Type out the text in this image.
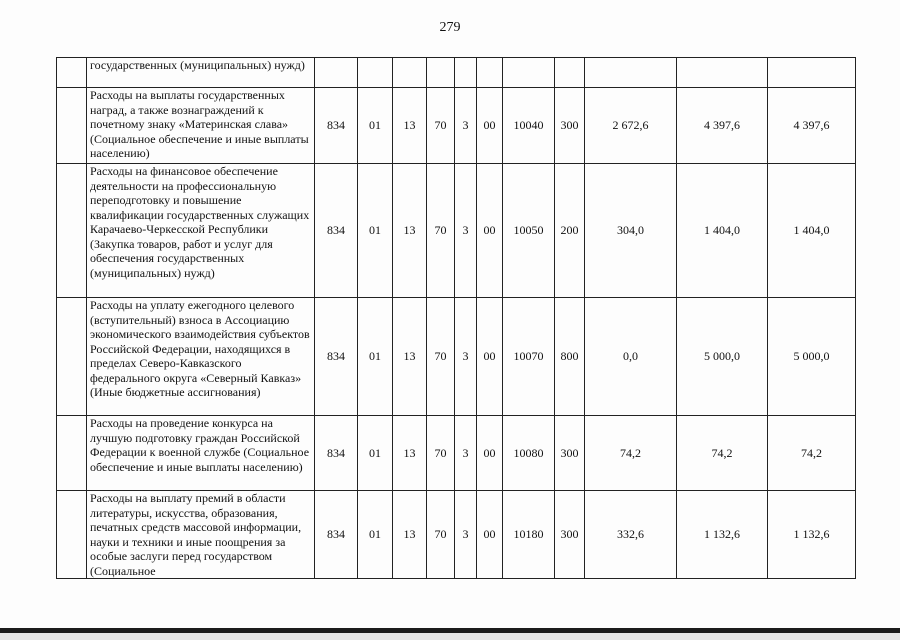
279
	государственных (муниципальных) нужд)											
	Расходы на выплаты государственных наград, а также вознаграждений к почетному знаку «Материнская слава» (Социальное обеспечение и иные выплаты населению)	834	01	13	70	3	00	10040	300	2 672,6	4 397,6	4 397,6
	Расходы на финансовое обеспечение деятельности на профессиональную переподготовку и повышение квалификации государственных служащих Карачаево-Черкесской Республики (Закупка товаров, работ и услуг для обеспечения государственных (муниципальных) нужд)	834	01	13	70	3	00	10050	200	304,0	1 404,0	1 404,0
	Расходы на уплату ежегодного целевого (вступительный) взноса в Ассоциацию экономического взаимодействия субъектов Российской Федерации, находящихся в пределах Северо-Кавказского федерального округа «Северный Кавказ» (Иные бюджетные ассигнования)	834	01	13	70	3	00	10070	800	0,0	5 000,0	5 000,0
	Расходы на проведение конкурса на лучшую подготовку граждан Российской Федерации к военной службе (Социальное обеспечение и иные выплаты населению)	834	01	13	70	3	00	10080	300	74,2	74,2	74,2
	Расходы на выплату премий в области литературы, искусства, образования, печатных средств массовой информации, науки и техники и иные поощрения за особые заслуги перед государством (Социальное	834	01	13	70	3	00	10180	300	332,6	1 132,6	1 132,6
